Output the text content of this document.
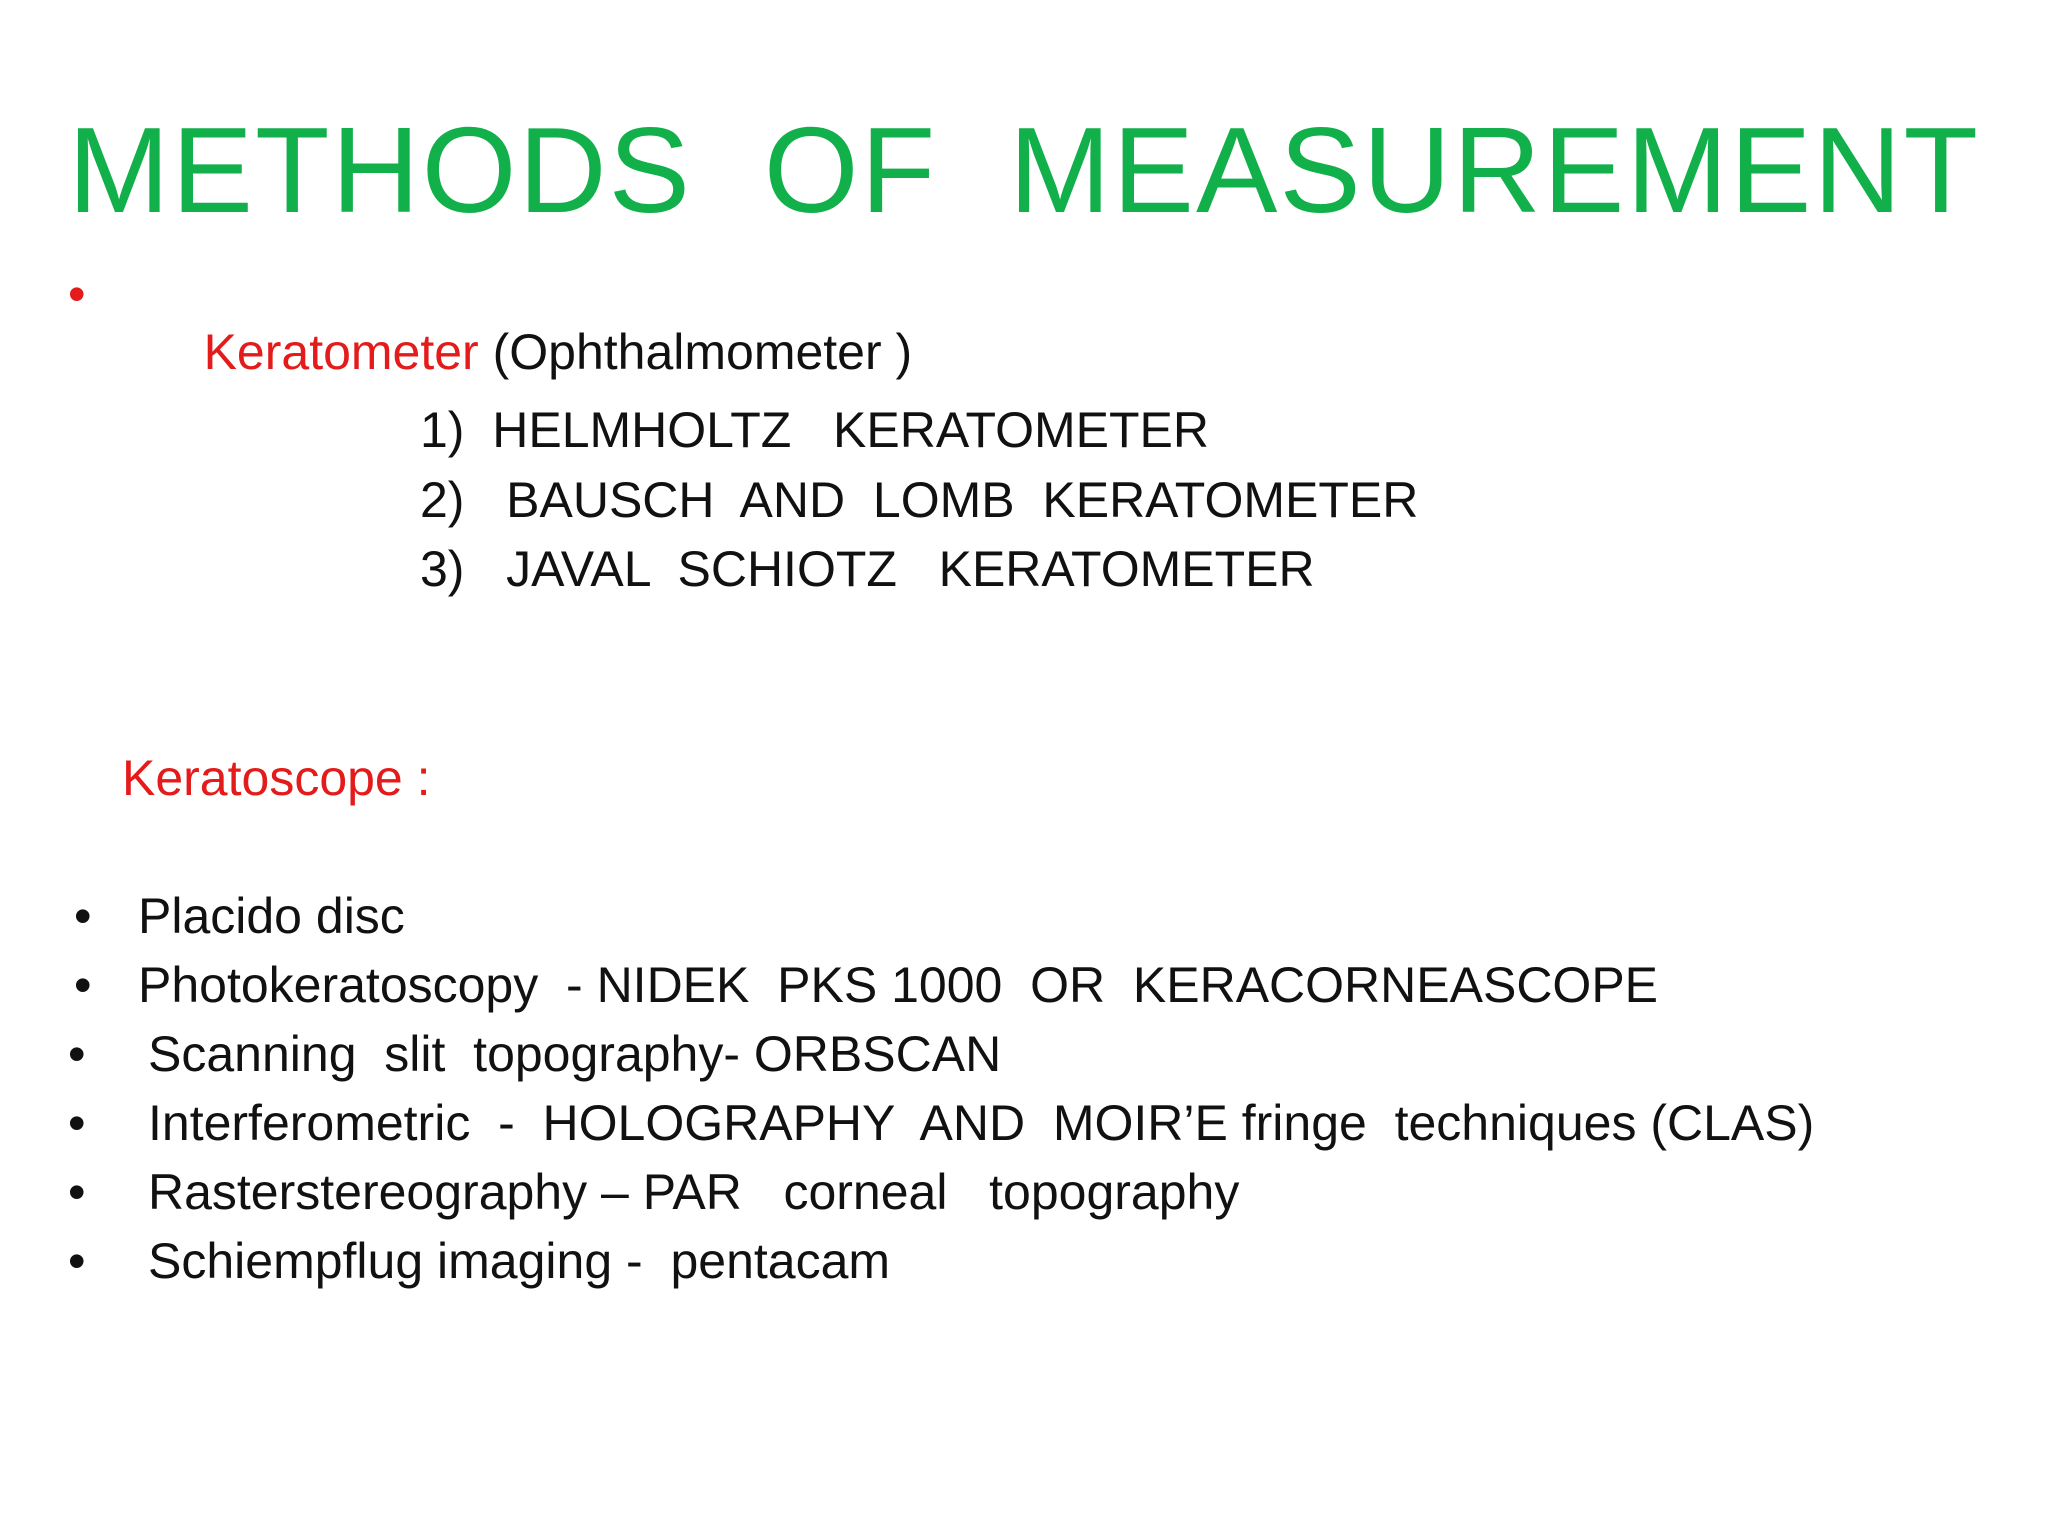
METHODS  OF  MEASUREMENT
•

Keratometer (Ophthalmometer )

1)  HELMHOLTZ   KERATOMETER
2)   BAUSCH  AND  LOMB  KERATOMETER
3)   JAVAL  SCHIOTZ   KERATOMETER
Keratoscope :
• Placido disc
• Photokeratoscopy  - NIDEK  PKS 1000  OR  KERACORNEASCOPE
• Scanning  slit  topography- ORBSCAN
• Interferometric  -  HOLOGRAPHY  AND  MOIR’E fringe  techniques (CLAS)
• Rasterstereography – PAR   corneal   topography
• Schiempflug imaging -  pentacam
